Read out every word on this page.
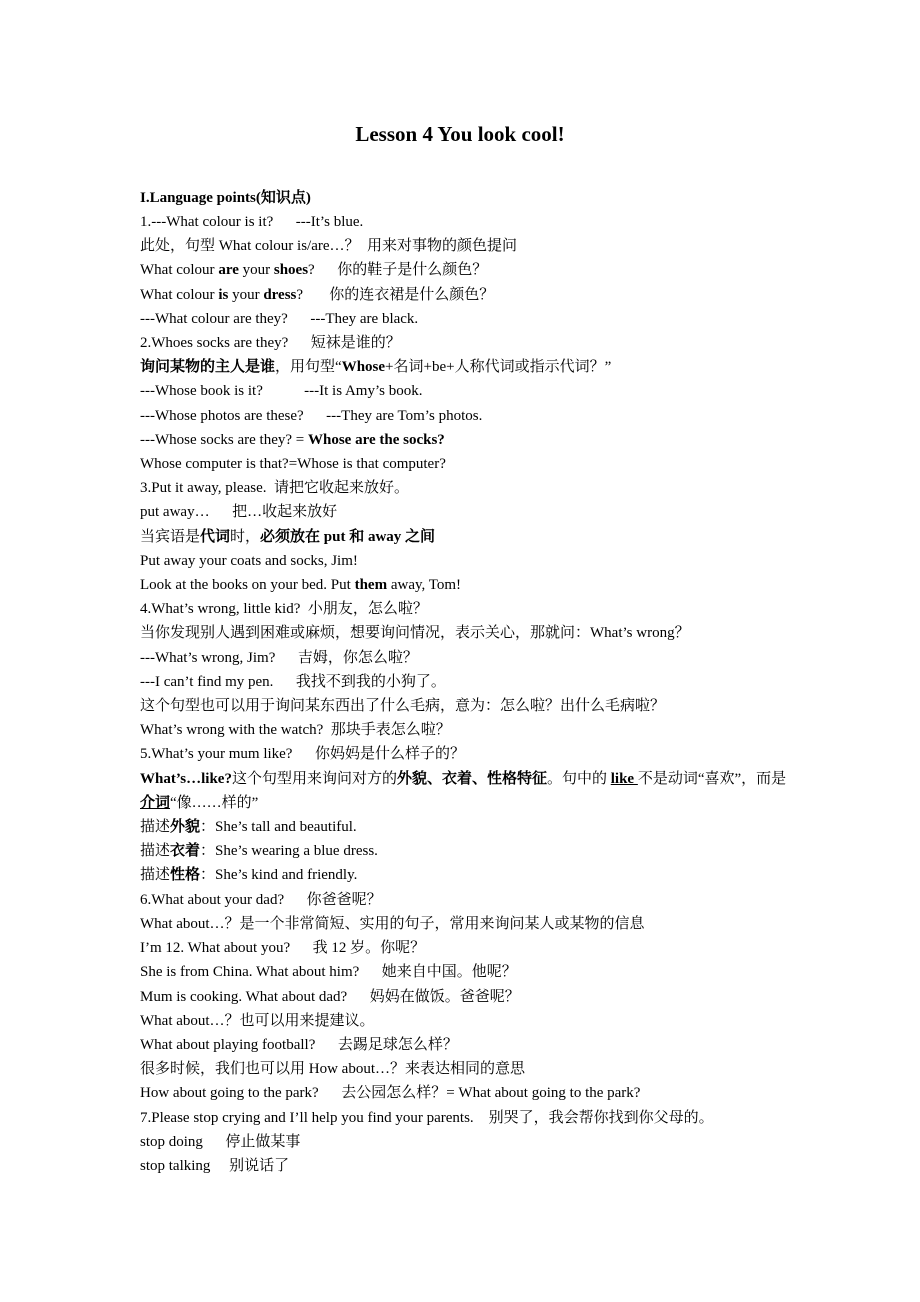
Lesson 4 You look cool!
I.Language points(知识点)
1.---What colour is it?      ---It’s blue.
此处，句型 What colour is/are…？  用来对事物的颜色提问
What colour are your shoes?      你的鞋子是什么颜色？
What colour is your dress?       你的连衣裙是什么颜色？
---What colour are they?      ---They are black.
2.Whoes socks are they?      短袜是谁的？
询问某物的主人是谁，用句型“Whose+名词+be+人称代词或指示代词？”
---Whose book is it?           ---It is Amy’s book.
---Whose photos are these?      ---They are Tom’s photos.
---Whose socks are they? = Whose are the socks?
Whose computer is that?=Whose is that computer?
3.Put it away, please.  请把它收起来放好。
put away…      把…收起来放好
当宾语是代词时，必须放在 put 和 away 之间
Put away your coats and socks, Jim!
Look at the books on your bed. Put them away, Tom!
4.What’s wrong, little kid?  小朋友，怎么啦？
当你发现别人遇到困难或麻烦，想要询问情况，表示关心，那就问：What’s wrong？
---What’s wrong, Jim?      吉姆，你怎么啦？
---I can’t find my pen.      我找不到我的小狗了。
这个句型也可以用于询问某东西出了什么毛病，意为：怎么啦？出什么毛病啦？
What’s wrong with the watch?  那块手表怎么啦？
5.What’s your mum like?      你妈妈是什么样子的？
What’s…like?这个句型用来询问对方的外貌、衣着、性格特征。句中的 like 不是动词“喜欢”，而是介词“像……样的”
描述外貌：She’s tall and beautiful.
描述衣着：She’s wearing a blue dress.
描述性格：She’s kind and friendly.
6.What about your dad?      你爸爸呢？
What about…？是一个非常简短、实用的句子，常用来询问某人或某物的信息
I’m 12. What about you?      我 12 岁。你呢？
She is from China. What about him?      她来自中国。他呢？
Mum is cooking. What about dad?      妈妈在做饭。爸爸呢？
What about…？也可以用来提建议。
What about playing football?      去踢足球怎么样？
很多时候，我们也可以用 How about…？来表达相同的意思
How about going to the park?      去公园怎么样？= What about going to the park?
7.Please stop crying and I’ll help you find your parents.    别哭了，我会帮你找到你父母的。
stop doing      停止做某事
stop talking     别说话了
